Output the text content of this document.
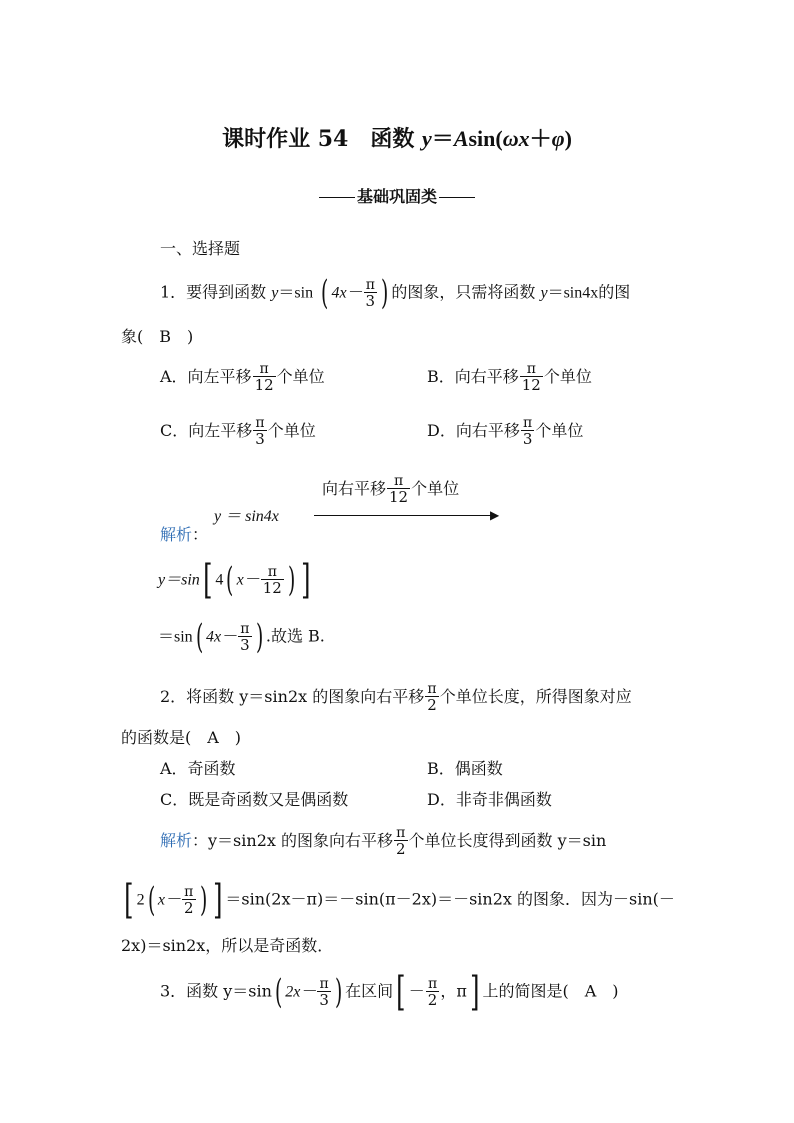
课时作业 54　函数 y＝Asin(ωx＋φ)
基础巩固类
一、选择题
1．要得到函数 y＝sin ( $4x- \frac{\pi}{3}$ ) 的图象，只需将函数 y＝sin4x的图
象(　B　)
A．向左平移 $\frac{\pi}{12}$ 个单位	B．向右平移 $\frac{\pi}{12}$ 个单位
C．向左平移 $\frac{\pi}{3}$ 个单位	D．向右平移 $\frac{\pi}{3}$ 个单位
向右平移 $\frac{\pi}{12}$ 个单位
y ＝ sin4x	▶
解析：
y＝sin[ 4( $x- \frac{\pi}{12}$ ) ]
＝sin( $4x- \frac{\pi}{3}$ ) .故选 B.
2．将函数 y＝sin2x 的图象向右平移 $\frac{\pi}{2}$ 个单位长度，所得图象对应
的函数是(　A　)
A．奇函数	B．偶函数
C．既是奇函数又是偶函数	D．非奇非偶函数
解析：y＝sin2x 的图象向右平移 $\frac{\pi}{2}$ 个单位长度得到函数 y＝sin
[ 2( $x- \frac{\pi}{2}$ ) ] ＝sin(2x－π)＝－sin(π－2x)＝－sin2x 的图象．因为－sin(－
2x)＝sin2x，所以是奇函数．
3．函数 y＝sin( $2x- \frac{\pi}{3}$ ) 在区间[ － $\frac{\pi}{2}$ ，π] 上的简图是(　A　)
